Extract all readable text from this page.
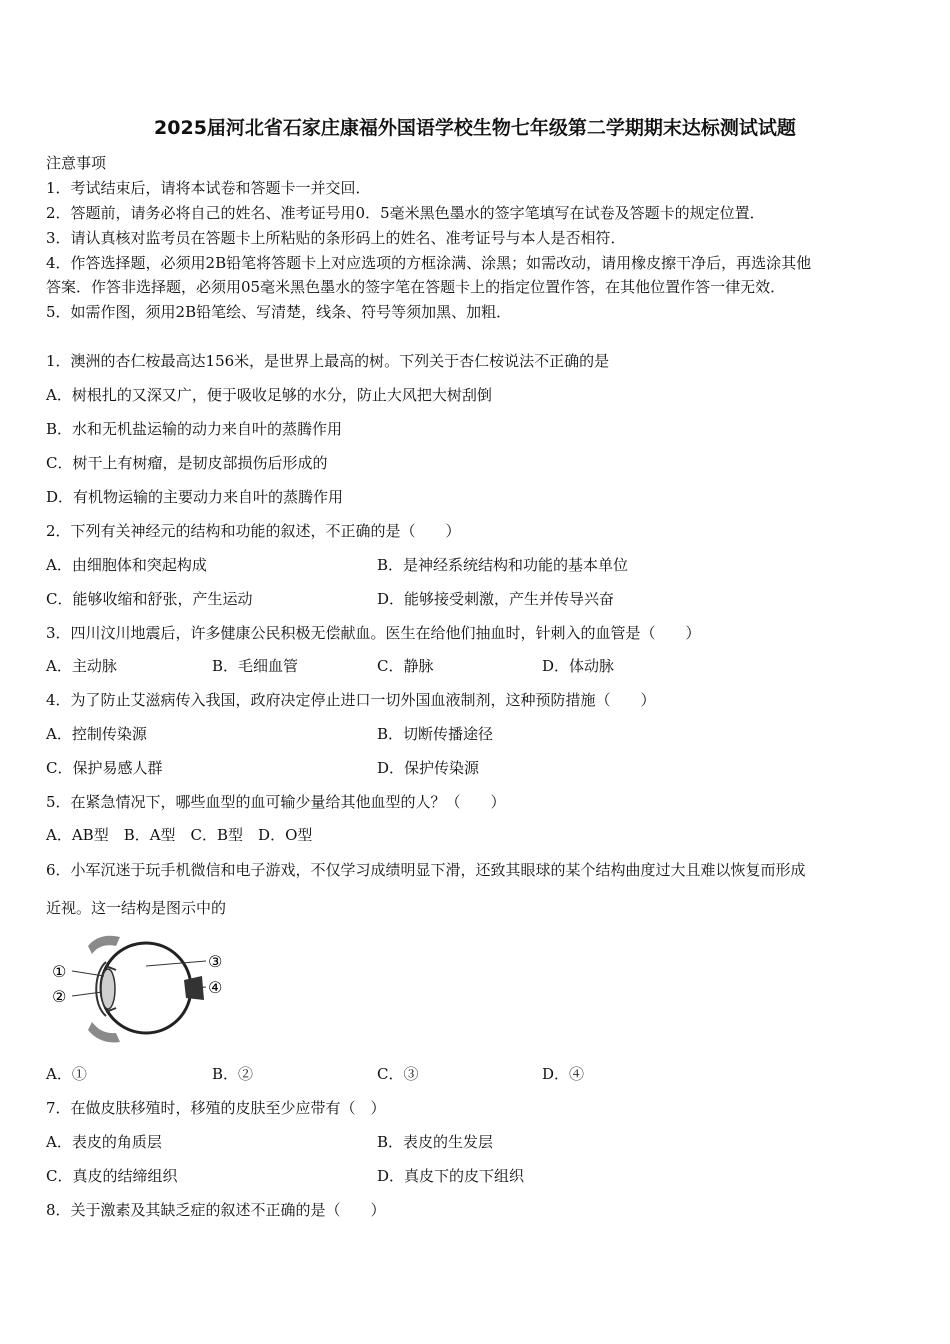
2025届河北省石家庄康福外国语学校生物七年级第二学期期末达标测试试题
注意事项
1．考试结束后，请将本试卷和答题卡一并交回．
2．答题前，请务必将自己的姓名、准考证号用0．5毫米黑色墨水的签字笔填写在试卷及答题卡的规定位置．
3．请认真核对监考员在答题卡上所粘贴的条形码上的姓名、准考证号与本人是否相符．
4．作答选择题，必须用2B铅笔将答题卡上对应选项的方框涂满、涂黑；如需改动，请用橡皮擦干净后，再选涂其他
答案．作答非选择题，必须用05毫米黑色墨水的签字笔在答题卡上的指定位置作答，在其他位置作答一律无效．
5．如需作图，须用2B铅笔绘、写清楚，线条、符号等须加黑、加粗．
1．澳洲的杏仁桉最高达156米，是世界上最高的树。下列关于杏仁桉说法不正确的是
A．树根扎的又深又广，便于吸收足够的水分，防止大风把大树刮倒
B．水和无机盐运输的动力来自叶的蒸腾作用
C．树干上有树瘤，是韧皮部损伤后形成的
D．有机物运输的主要动力来自叶的蒸腾作用
2．下列有关神经元的结构和功能的叙述，不正确的是（　　）
A．由细胞体和突起构成	B．是神经系统结构和功能的基本单位
C．能够收缩和舒张，产生运动	D．能够接受刺激，产生并传导兴奋
3．四川汶川地震后，许多健康公民积极无偿献血。医生在给他们抽血时，针刺入的血管是（　　）
A．主动脉	B．毛细血管	C．静脉	D．体动脉
4．为了防止艾滋病传入我国，政府决定停止进口一切外国血液制剂，这种预防措施（　　）
A．控制传染源	B．切断传播途径
C．保护易感人群	D．保护传染源
5．在紧急情况下，哪些血型的血可输少量给其他血型的人？（　　）
A．AB型　B．A型　C．B型　D．O型
6．小军沉迷于玩手机微信和电子游戏，不仅学习成绩明显下滑，还致其眼球的某个结构曲度过大且难以恢复而形成
近视。这一结构是图示中的
①
②
③
④
A．①	B．②	C．③	D．④
7．在做皮肤移殖时，移殖的皮肤至少应带有（　）
A．表皮的角质层	B．表皮的生发层
C．真皮的结缔组织	D．真皮下的皮下组织
8．关于激素及其缺乏症的叙述不正确的是（　　）
